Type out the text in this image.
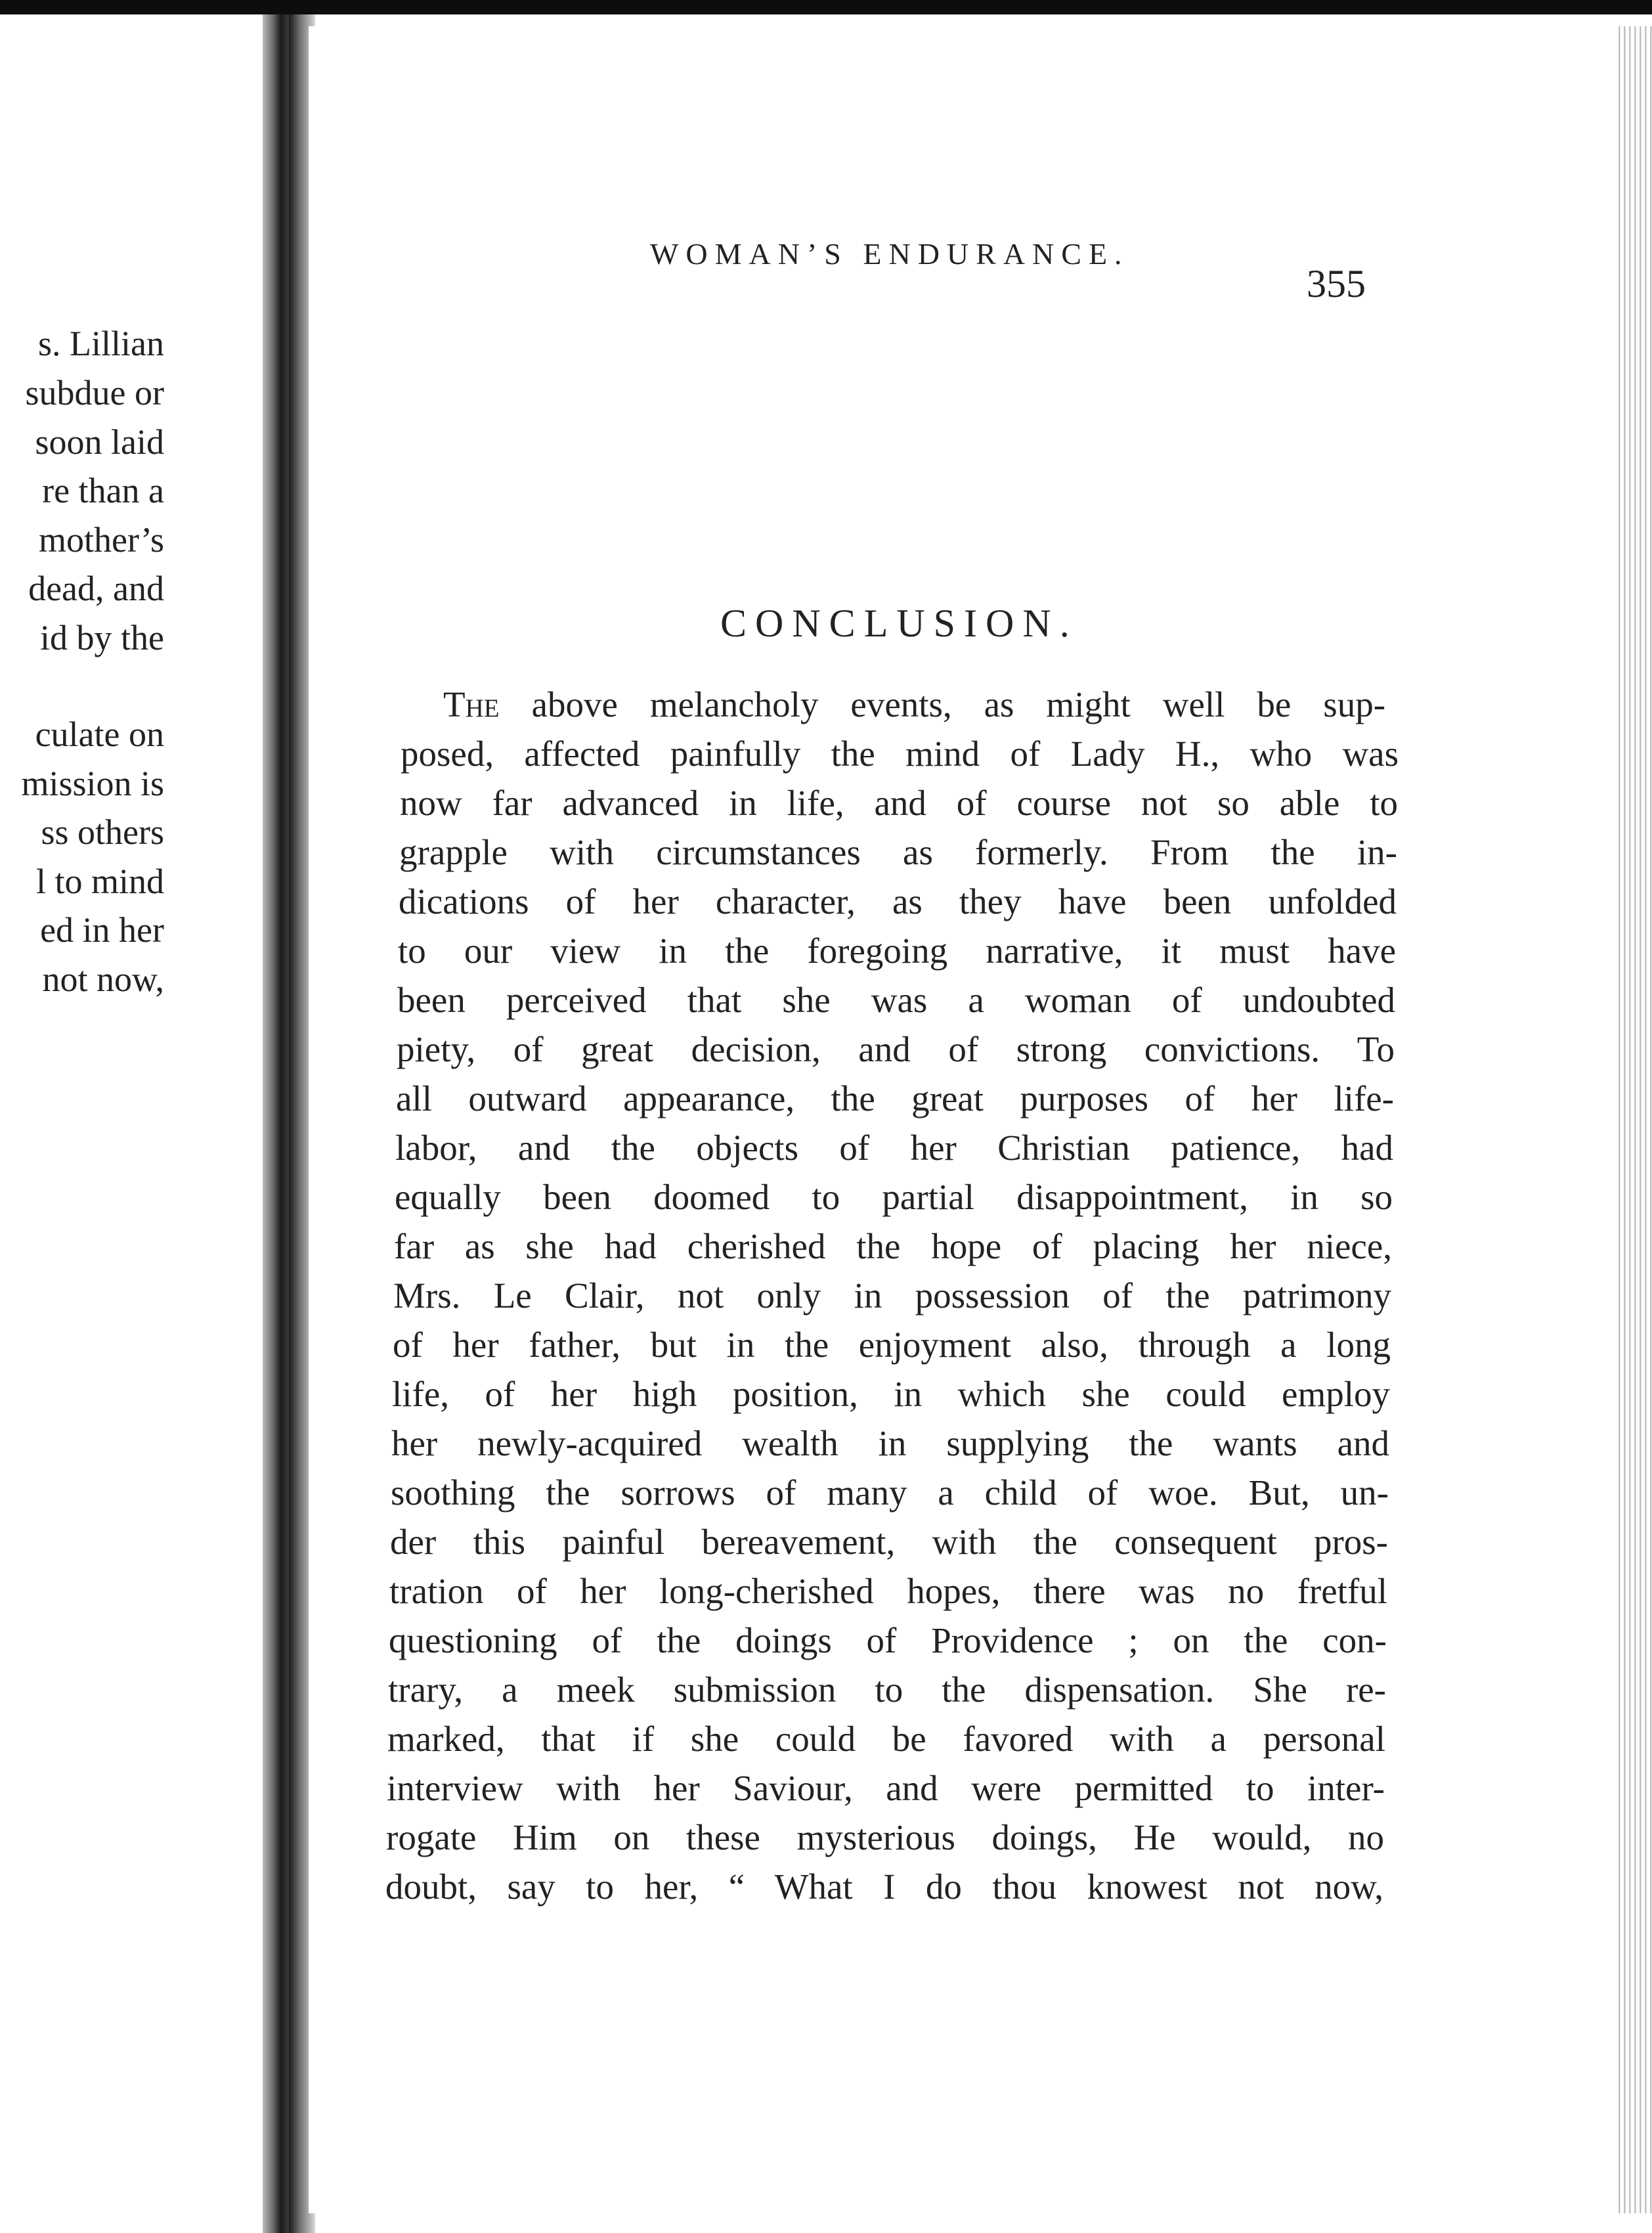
s. Lillian
subdue or
soon laid
re than a
mother’s
dead, and
id by the
culate on
mission is
ss others
l to mind
ed in her
not now,
WOMAN’S ENDURANCE.
355
CONCLUSION.
The above melancholy events, as might well be sup-
posed, affected painfully the mind of Lady H., who was
now far advanced in life, and of course not so able to
grapple with circumstances as formerly. From the in-
dications of her character, as they have been unfolded
to our view in the foregoing narrative, it must have
been perceived that she was a woman of undoubted
piety, of great decision, and of strong convictions. To
all outward appearance, the great purposes of her life-
labor, and the objects of her Christian patience, had
equally been doomed to partial disappointment, in so
far as she had cherished the hope of placing her niece,
Mrs. Le Clair, not only in possession of the patrimony
of her father, but in the enjoyment also, through a long
life, of her high position, in which she could employ
her newly-acquired wealth in supplying the wants and
soothing the sorrows of many a child of woe. But, un-
der this painful bereavement, with the consequent pros-
tration of her long-cherished hopes, there was no fretful
questioning of the doings of Providence ; on the con-
trary, a meek submission to the dispensation. She re-
marked, that if she could be favored with a personal
interview with her Saviour, and were permitted to inter-
rogate Him on these mysterious doings, He would, no
doubt, say to her, “ What I do thou knowest not now,
